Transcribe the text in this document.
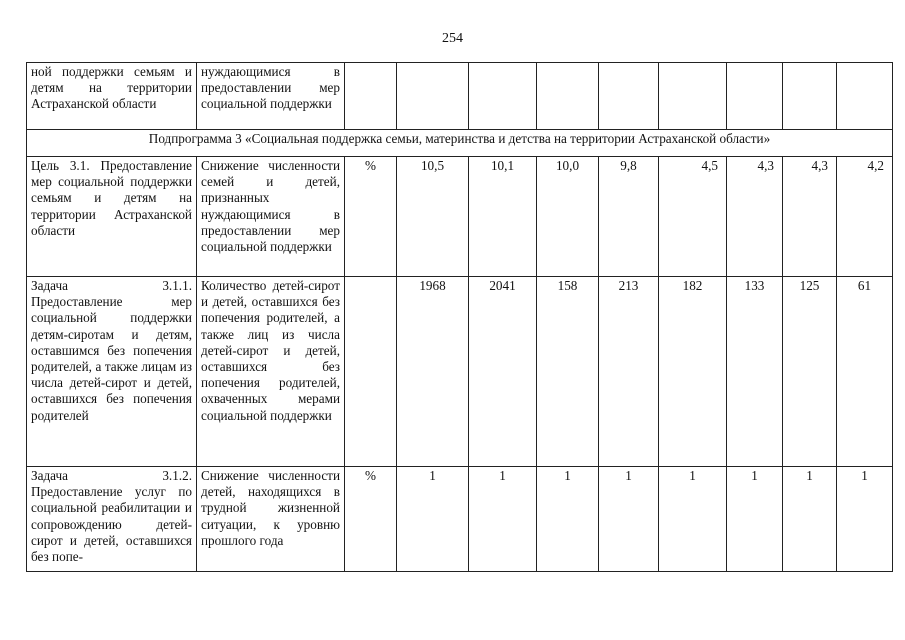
254
ной поддержки семьям и детям на территории Астраханской области	нуждающимися в предоставлении мер социальной поддержки									
Подпрограмма 3 «Социальная поддержка семьи, материнства и детства на территории Астраханской области»										
Цель 3.1. Предоставление мер социальной поддержки семьям и детям на территории Астраханской области	Снижение численности семей и детей, признанных нуждающимися в предоставлении мер социальной поддержки	%	10,5	10,1	10,0	9,8	4,5	4,3	4,3	4,2
Задача 3.1.1. Предоставление мер социальной поддержки детям-сиротам и детям, оставшимся без попечения родителей, а также лицам из числа детей-сирот и детей, оставшихся без попечения родителей	Количество детей-сирот и детей, оставшихся без попечения родителей, а также лиц из числа детей-сирот и детей, оставшихся без попечения родителей, охваченных мерами социальной поддержки		1968	2041	158	213	182	133	125	61
Задача 3.1.2. Предоставление услуг по социальной реабилитации и сопровождению детей-сирот и детей, оставшихся без попе-	Снижение численности детей, находящихся в трудной жизненной ситуации, к уровню прошлого года	%	1	1	1	1	1	1	1	1
